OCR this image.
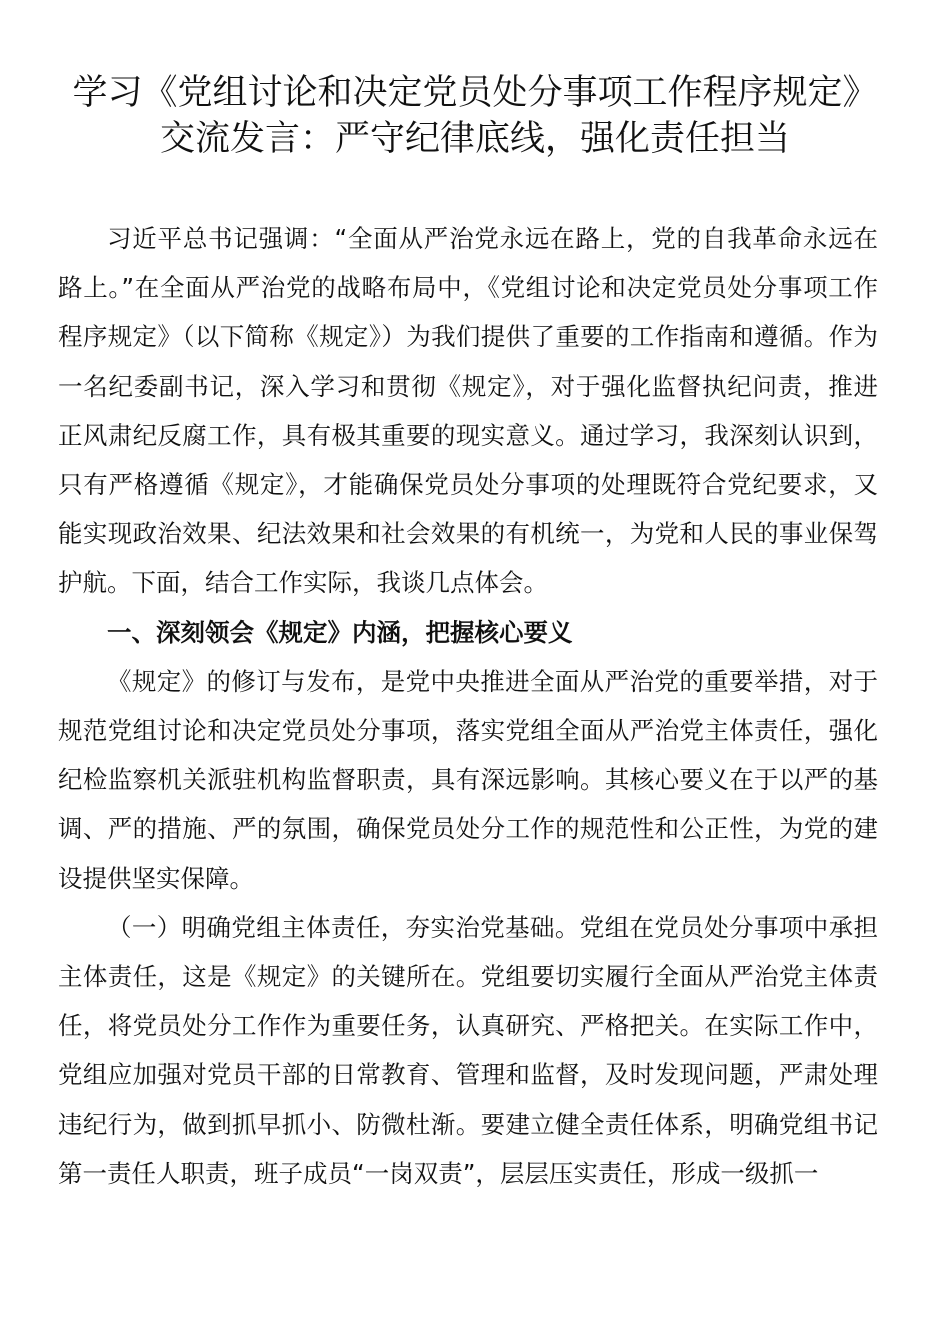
学习《党组讨论和决定党员处分事项工作程序规定》
交流发言：严守纪律底线，强化责任担当

习近平总书记强调：“全面从严治党永远在路上，党的自我革命永远在路上。”在全面从严治党的战略布局中，《党组讨论和决定党员处分事项工作程序规定》（以下简称《规定》）为我们提供了重要的工作指南和遵循。作为一名纪委副书记，深入学习和贯彻《规定》，对于强化监督执纪问责，推进正风肃纪反腐工作，具有极其重要的现实意义。通过学习，我深刻认识到，只有严格遵循《规定》，才能确保党员处分事项的处理既符合党纪要求，又能实现政治效果、纪法效果和社会效果的有机统一，为党和人民的事业保驾护航。下面，结合工作实际，我谈几点体会。

一、深刻领会《规定》内涵，把握核心要义

《规定》的修订与发布，是党中央推进全面从严治党的重要举措，对于规范党组讨论和决定党员处分事项，落实党组全面从严治党主体责任，强化纪检监察机关派驻机构监督职责，具有深远影响。其核心要义在于以严的基调、严的措施、严的氛围，确保党员处分工作的规范性和公正性，为党的建设提供坚实保障。

（一）明确党组主体责任，夯实治党基础。党组在党员处分事项中承担主体责任，这是《规定》的关键所在。党组要切实履行全面从严治党主体责任，将党员处分工作作为重要任务，认真研究、严格把关。在实际工作中，党组应加强对党员干部的日常教育、管理和监督，及时发现问题，严肃处理违纪行为，做到抓早抓小、防微杜渐。要建立健全责任体系，明确党组书记第一责任人职责，班子成员“一岗双责”，层层压实责任，形成一级抓一
